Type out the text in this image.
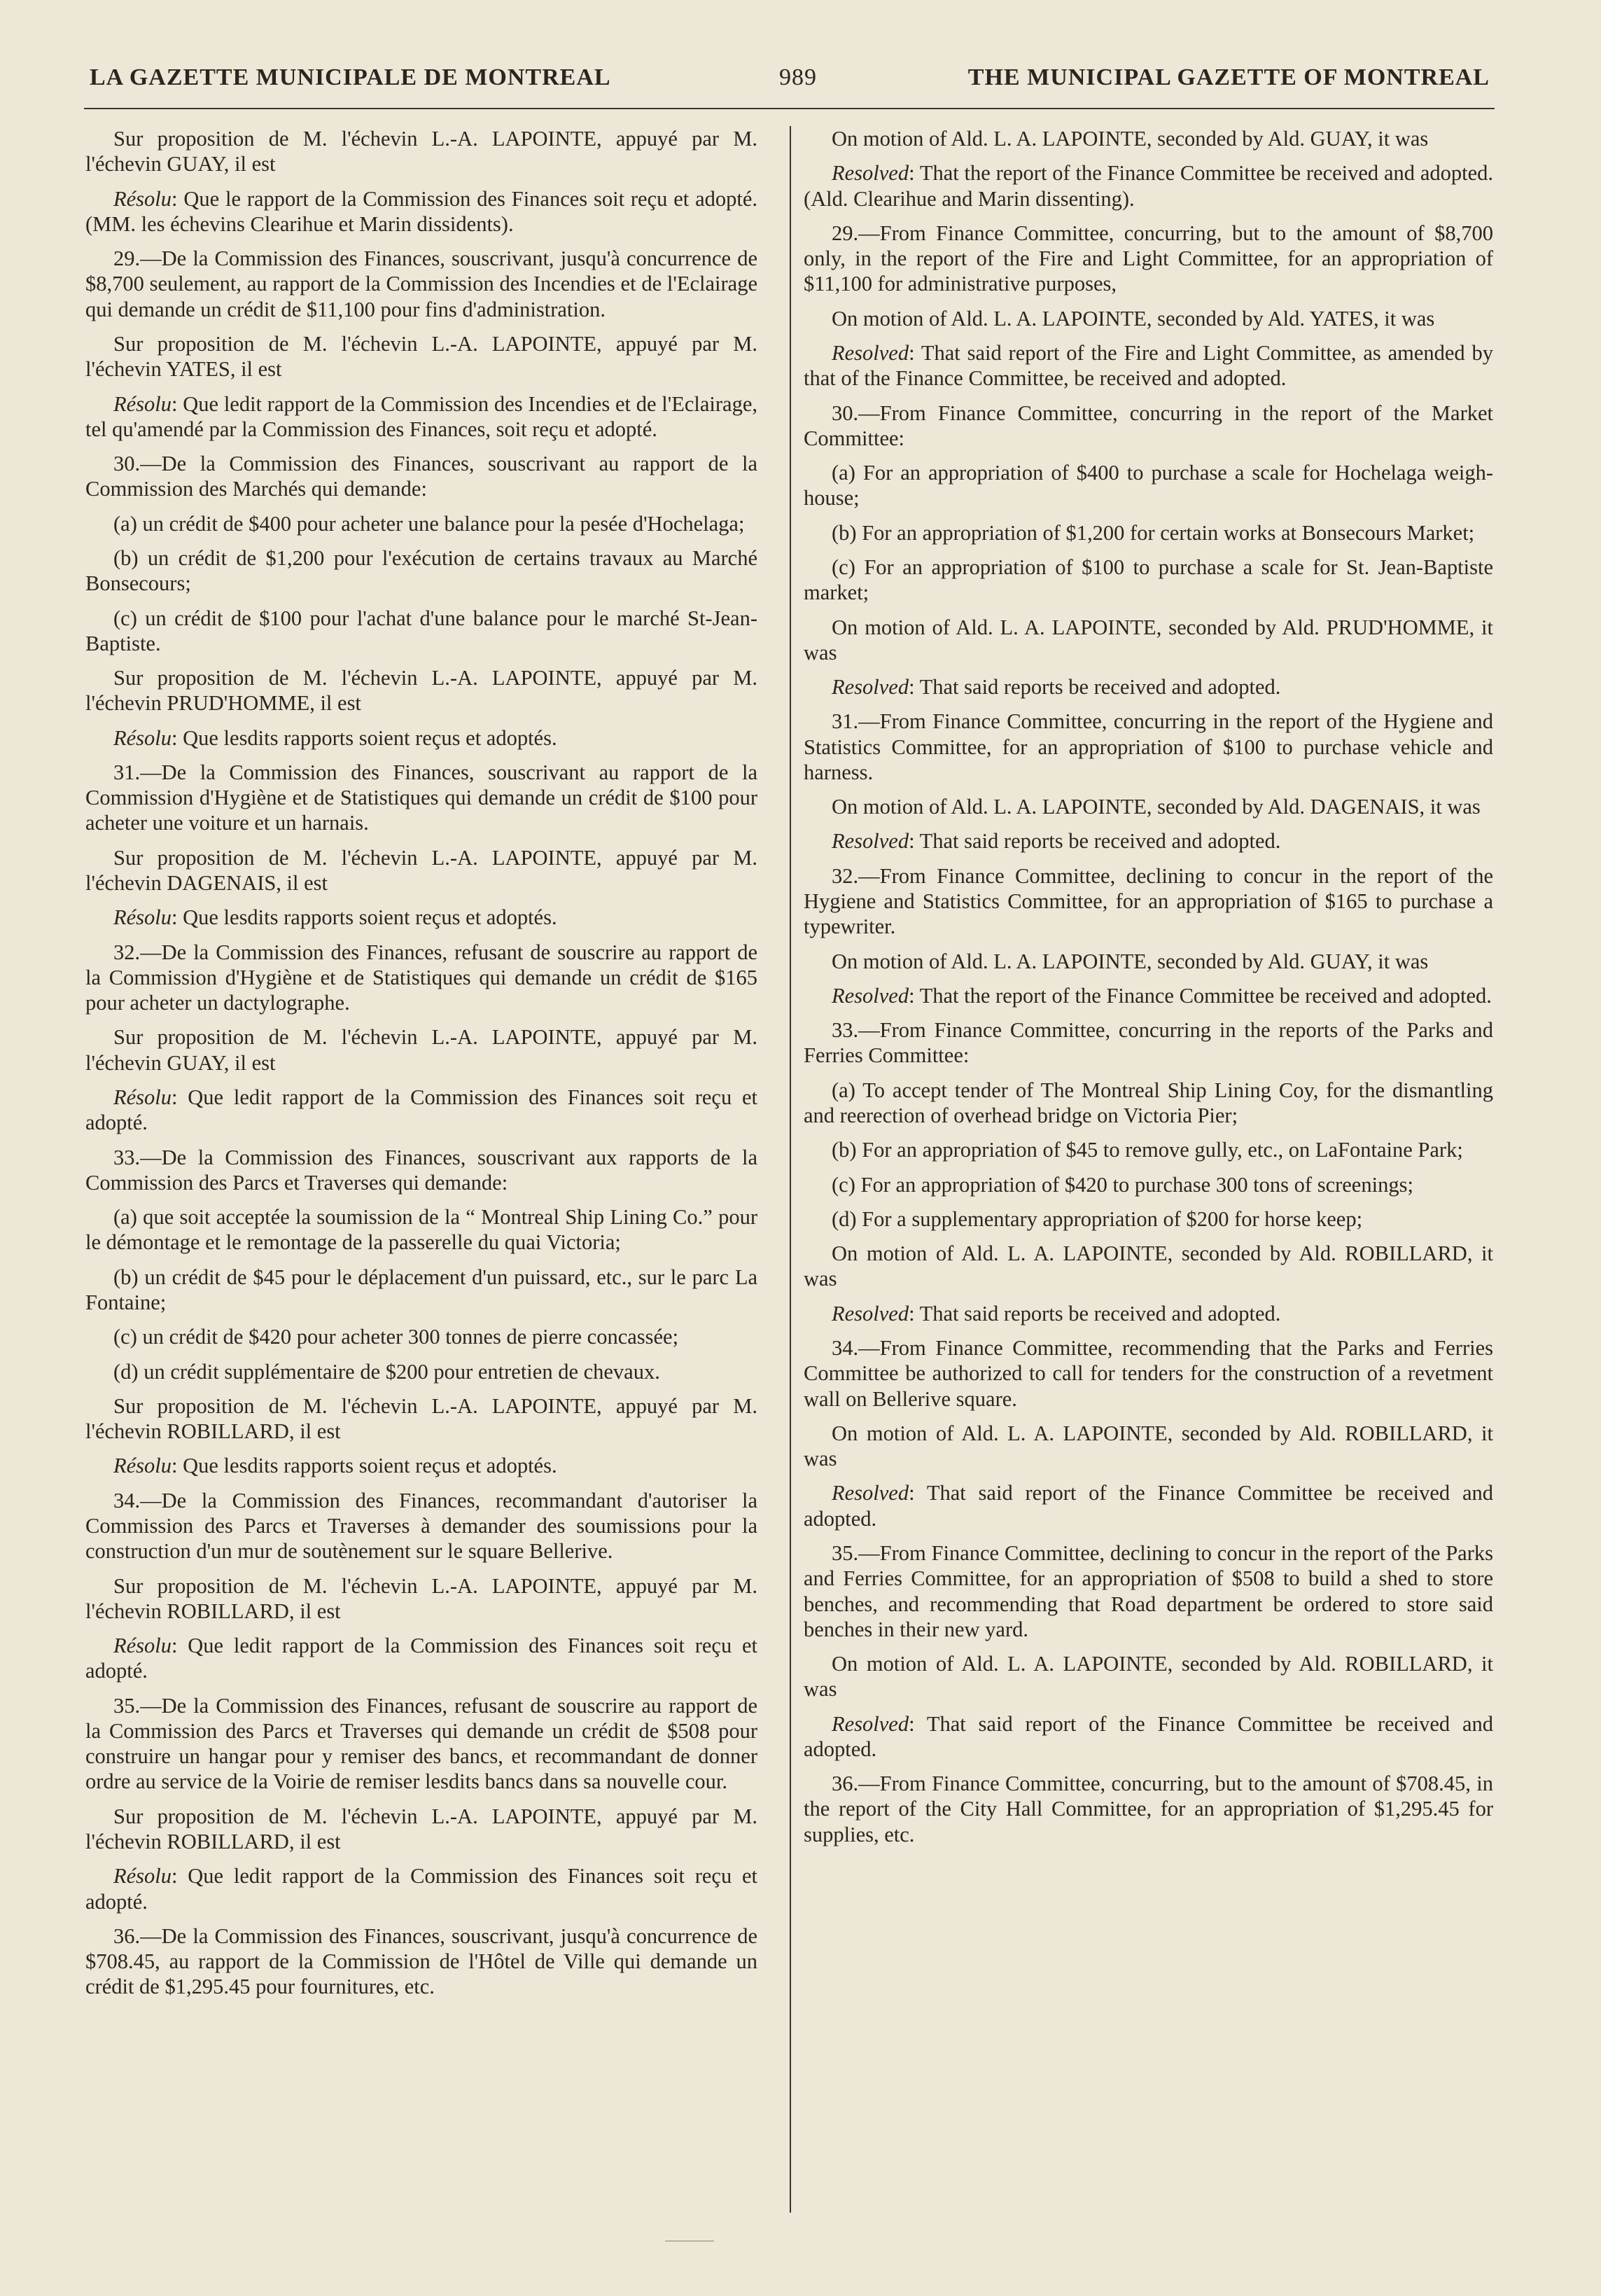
LA GAZETTE MUNICIPALE DE MONTREAL	989	THE MUNICIPAL GAZETTE OF MONTREAL

Sur proposition de M. l'échevin L.-A. LAPOINTE, appuyé par M. l'échevin GUAY, il est

Résolu: Que le rapport de la Commission des Finances soit reçu et adopté. (MM. les échevins Clearihue et Marin dissidents).

29.—De la Commission des Finances, souscrivant, jusqu'à concurrence de $8,700 seulement, au rapport de la Commission des Incendies et de l'Eclairage qui demande un crédit de $11,100 pour fins d'administration.

Sur proposition de M. l'échevin L.-A. LAPOINTE, appuyé par M. l'échevin YATES, il est

Résolu: Que ledit rapport de la Commission des Incendies et de l'Eclairage, tel qu'amendé par la Commission des Finances, soit reçu et adopté.

30.—De la Commission des Finances, souscrivant au rapport de la Commission des Marchés qui demande:

(a) un crédit de $400 pour acheter une balance pour la pesée d'Hochelaga;

(b) un crédit de $1,200 pour l'exécution de certains travaux au Marché Bonsecours;

(c) un crédit de $100 pour l'achat d'une balance pour le marché St-Jean-Baptiste.

Sur proposition de M. l'échevin L.-A. LAPOINTE, appuyé par M. l'échevin PRUD'HOMME, il est

Résolu: Que lesdits rapports soient reçus et adoptés.

31.—De la Commission des Finances, souscrivant au rapport de la Commission d'Hygiène et de Statistiques qui demande un crédit de $100 pour acheter une voiture et un harnais.

Sur proposition de M. l'échevin L.-A. LAPOINTE, appuyé par M. l'échevin DAGENAIS, il est

Résolu: Que lesdits rapports soient reçus et adoptés.

32.—De la Commission des Finances, refusant de souscrire au rapport de la Commission d'Hygiène et de Statistiques qui demande un crédit de $165 pour acheter un dactylographe.

Sur proposition de M. l'échevin L.-A. LAPOINTE, appuyé par M. l'échevin GUAY, il est

Résolu: Que ledit rapport de la Commission des Finances soit reçu et adopté.

33.—De la Commission des Finances, souscrivant aux rapports de la Commission des Parcs et Traverses qui demande:

(a) que soit acceptée la soumission de la “ Montreal Ship Lining Co.” pour le démontage et le remontage de la passerelle du quai Victoria;

(b) un crédit de $45 pour le déplacement d'un puissard, etc., sur le parc La Fontaine;

(c) un crédit de $420 pour acheter 300 tonnes de pierre concassée;

(d) un crédit supplémentaire de $200 pour entretien de chevaux.

Sur proposition de M. l'échevin L.-A. LAPOINTE, appuyé par M. l'échevin ROBILLARD, il est

Résolu: Que lesdits rapports soient reçus et adoptés.

34.—De la Commission des Finances, recommandant d'autoriser la Commission des Parcs et Traverses à demander des soumissions pour la construction d'un mur de soutènement sur le square Bellerive.

Sur proposition de M. l'échevin L.-A. LAPOINTE, appuyé par M. l'échevin ROBILLARD, il est

Résolu: Que ledit rapport de la Commission des Finances soit reçu et adopté.

35.—De la Commission des Finances, refusant de souscrire au rapport de la Commission des Parcs et Traverses qui demande un crédit de $508 pour construire un hangar pour y remiser des bancs, et recommandant de donner ordre au service de la Voirie de remiser lesdits bancs dans sa nouvelle cour.

Sur proposition de M. l'échevin L.-A. LAPOINTE, appuyé par M. l'échevin ROBILLARD, il est

Résolu: Que ledit rapport de la Commission des Finances soit reçu et adopté.

36.—De la Commission des Finances, souscrivant, jusqu'à concurrence de $708.45, au rapport de la Commission de l'Hôtel de Ville qui demande un crédit de $1,295.45 pour fournitures, etc.

On motion of Ald. L. A. LAPOINTE, seconded by Ald. GUAY, it was

Resolved: That the report of the Finance Committee be received and adopted. (Ald. Clearihue and Marin dissenting).

29.—From Finance Committee, concurring, but to the amount of $8,700 only, in the report of the Fire and Light Committee, for an appropriation of $11,100 for administrative purposes,

On motion of Ald. L. A. LAPOINTE, seconded by Ald. YATES, it was

Resolved: That said report of the Fire and Light Committee, as amended by that of the Finance Committee, be received and adopted.

30.—From Finance Committee, concurring in the report of the Market Committee:

(a) For an appropriation of $400 to purchase a scale for Hochelaga weigh-house;

(b) For an appropriation of $1,200 for certain works at Bonsecours Market;

(c) For an appropriation of $100 to purchase a scale for St. Jean-Baptiste market;

On motion of Ald. L. A. LAPOINTE, seconded by Ald. PRUD'HOMME, it was

Resolved: That said reports be received and adopted.

31.—From Finance Committee, concurring in the report of the Hygiene and Statistics Committee, for an appropriation of $100 to purchase vehicle and harness.

On motion of Ald. L. A. LAPOINTE, seconded by Ald. DAGENAIS, it was

Resolved: That said reports be received and adopted.

32.—From Finance Committee, declining to concur in the report of the Hygiene and Statistics Committee, for an appropriation of $165 to purchase a typewriter.

On motion of Ald. L. A. LAPOINTE, seconded by Ald. GUAY, it was

Resolved: That the report of the Finance Committee be received and adopted.

33.—From Finance Committee, concurring in the reports of the Parks and Ferries Committee:

(a) To accept tender of The Montreal Ship Lining Coy, for the dismantling and reerection of overhead bridge on Victoria Pier;

(b) For an appropriation of $45 to remove gully, etc., on LaFontaine Park;

(c) For an appropriation of $420 to purchase 300 tons of screenings;

(d) For a supplementary appropriation of $200 for horse keep;

On motion of Ald. L. A. LAPOINTE, seconded by Ald. ROBILLARD, it was

Resolved: That said reports be received and adopted.

34.—From Finance Committee, recommending that the Parks and Ferries Committee be authorized to call for tenders for the construction of a revetment wall on Bellerive square.

On motion of Ald. L. A. LAPOINTE, seconded by Ald. ROBILLARD, it was

Resolved: That said report of the Finance Committee be received and adopted.

35.—From Finance Committee, declining to concur in the report of the Parks and Ferries Committee, for an appropriation of $508 to build a shed to store benches, and recommending that Road department be ordered to store said benches in their new yard.

On motion of Ald. L. A. LAPOINTE, seconded by Ald. ROBILLARD, it was

Resolved: That said report of the Finance Committee be received and adopted.

36.—From Finance Committee, concurring, but to the amount of $708.45, in the report of the City Hall Committee, for an appropriation of $1,295.45 for supplies, etc.
